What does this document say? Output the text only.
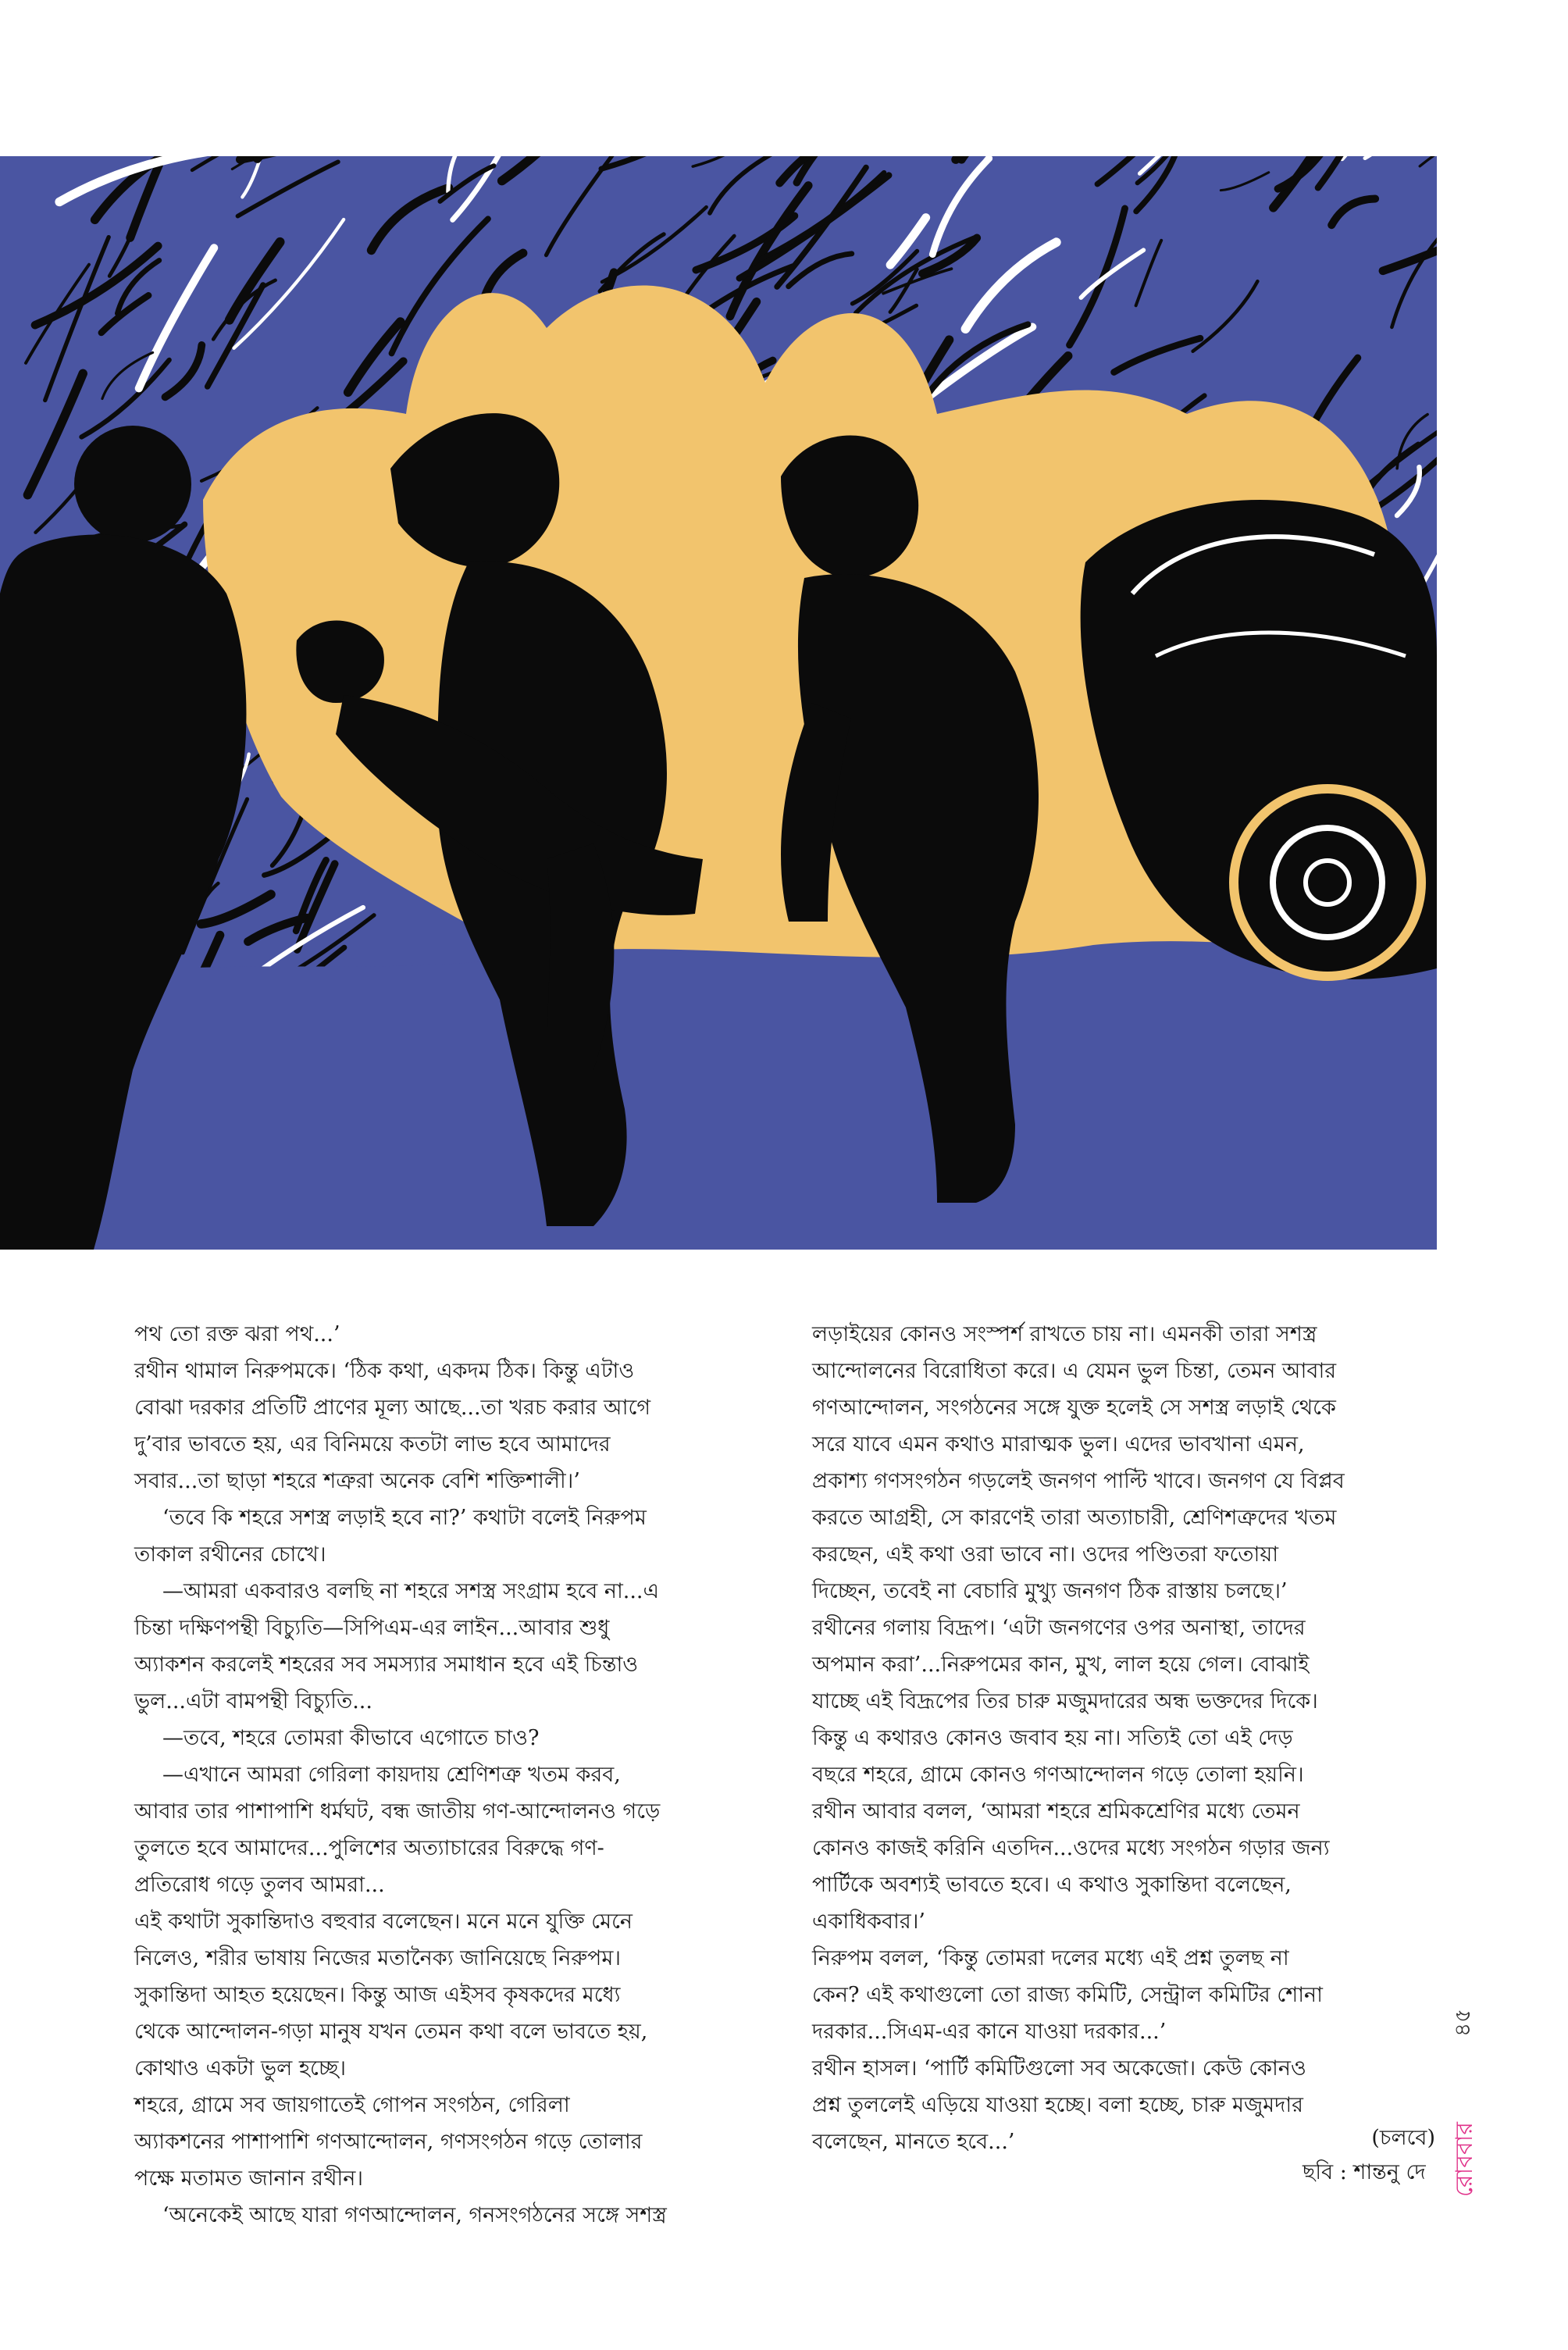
পথ তো রক্ত ঝরা পথ...’

রথীন থামাল নিরুপমকে। ‘ঠিক কথা, একদম ঠিক। কিন্তু এটাও

বোঝা দরকার প্রতিটি প্রাণের মূল্য আছে...তা খরচ করার আগে

দু’বার ভাবতে হয়, এর বিনিময়ে কতটা লাভ হবে আমাদের

সবার...তা ছাড়া শহরে শত্রুরা অনেক বেশি শক্তিশালী।’

‘তবে কি শহরে সশস্ত্র লড়াই হবে না?’ কথাটা বলেই নিরুপম

তাকাল রথীনের চোখে।

—আমরা একবারও বলছি না শহরে সশস্ত্র সংগ্রাম হবে না...এ

চিন্তা দক্ষিণপন্থী বিচ্যুতি—সিপিএম-এর লাইন...আবার শুধু

অ্যাকশন করলেই শহরের সব সমস্যার সমাধান হবে এই চিন্তাও

ভুল...এটা বামপন্থী বিচ্যুতি...

—তবে, শহরে তোমরা কীভাবে এগোতে চাও?

—এখানে আমরা গেরিলা কায়দায় শ্রেণিশত্রু খতম করব,

আবার তার পাশাপাশি ধর্মঘট, বন্ধ জাতীয় গণ-আন্দোলনও গড়ে

তুলতে হবে আমাদের...পুলিশের অত্যাচারের বিরুদ্ধে গণ-

প্রতিরোধ গড়ে তুলব আমরা...

এই কথাটা সুকান্তিদাও বহুবার বলেছেন। মনে মনে যুক্তি মেনে

নিলেও, শরীর ভাষায় নিজের মতানৈক্য জানিয়েছে নিরুপম।

সুকান্তিদা আহত হয়েছেন। কিন্তু আজ এইসব কৃষকদের মধ্যে

থেকে আন্দোলন-গড়া মানুষ যখন তেমন কথা বলে ভাবতে হয়,

কোথাও একটা ভুল হচ্ছে।

শহরে, গ্রামে সব জায়গাতেই গোপন সংগঠন, গেরিলা

অ্যাকশনের পাশাপাশি গণআন্দোলন, গণসংগঠন গড়ে তোলার

পক্ষে মতামত জানান রথীন।

‘অনেকেই আছে যারা গণআন্দোলন, গনসংগঠনের সঙ্গে সশস্ত্র

লড়াইয়ের কোনও সংস্পর্শ রাখতে চায় না। এমনকী তারা সশস্ত্র

আন্দোলনের বিরোধিতা করে। এ যেমন ভুল চিন্তা, তেমন আবার

গণআন্দোলন, সংগঠনের সঙ্গে যুক্ত হলেই সে সশস্ত্র লড়াই থেকে

সরে যাবে এমন কথাও মারাত্মক ভুল। এদের ভাবখানা এমন,

প্রকাশ্য গণসংগঠন গড়লেই জনগণ পাল্টি খাবে। জনগণ যে বিপ্লব

করতে আগ্রহী, সে কারণেই তারা অত্যাচারী, শ্রেণিশত্রুদের খতম

করছেন, এই কথা ওরা ভাবে না। ওদের পণ্ডিতরা ফতোয়া

দিচ্ছেন, তবেই না বেচারি মুখ্যু জনগণ ঠিক রাস্তায় চলছে।’

রথীনের গলায় বিদ্রূপ। ‘এটা জনগণের ওপর অনাস্থা, তাদের

অপমান করা’...নিরুপমের কান, মুখ, লাল হয়ে গেল। বোঝাই

যাচ্ছে এই বিদ্রূপের তির চারু মজুমদারের অন্ধ ভক্তদের দিকে।

কিন্তু এ কথারও কোনও জবাব হয় না। সত্যিই তো এই দেড়

বছরে শহরে, গ্রামে কোনও গণআন্দোলন গড়ে তোলা হয়নি।

রথীন আবার বলল, ‘আমরা শহরে শ্রমিকশ্রেণির মধ্যে তেমন

কোনও কাজই করিনি এতদিন...ওদের মধ্যে সংগঠন গড়ার জন্য

পার্টিকে অবশ্যই ভাবতে হবে। এ কথাও সুকান্তিদা বলেছেন,

একাধিকবার।’

নিরুপম বলল, ‘কিন্তু তোমরা দলের মধ্যে এই প্রশ্ন তুলছ না

কেন? এই কথাগুলো তো রাজ্য কমিটি, সেন্ট্রাল কমিটির শোনা

দরকার...সিএম-এর কানে যাওয়া দরকার...’

রথীন হাসল। ‘পার্টি কমিটিগুলো সব অকেজো। কেউ কোনও

প্রশ্ন তুললেই এড়িয়ে যাওয়া হচ্ছে। বলা হচ্ছে, চারু মজুমদার

বলেছেন, মানতে হবে...’	(চলবে)
ছবি : শান্তনু দে
৪৫
রোববার
